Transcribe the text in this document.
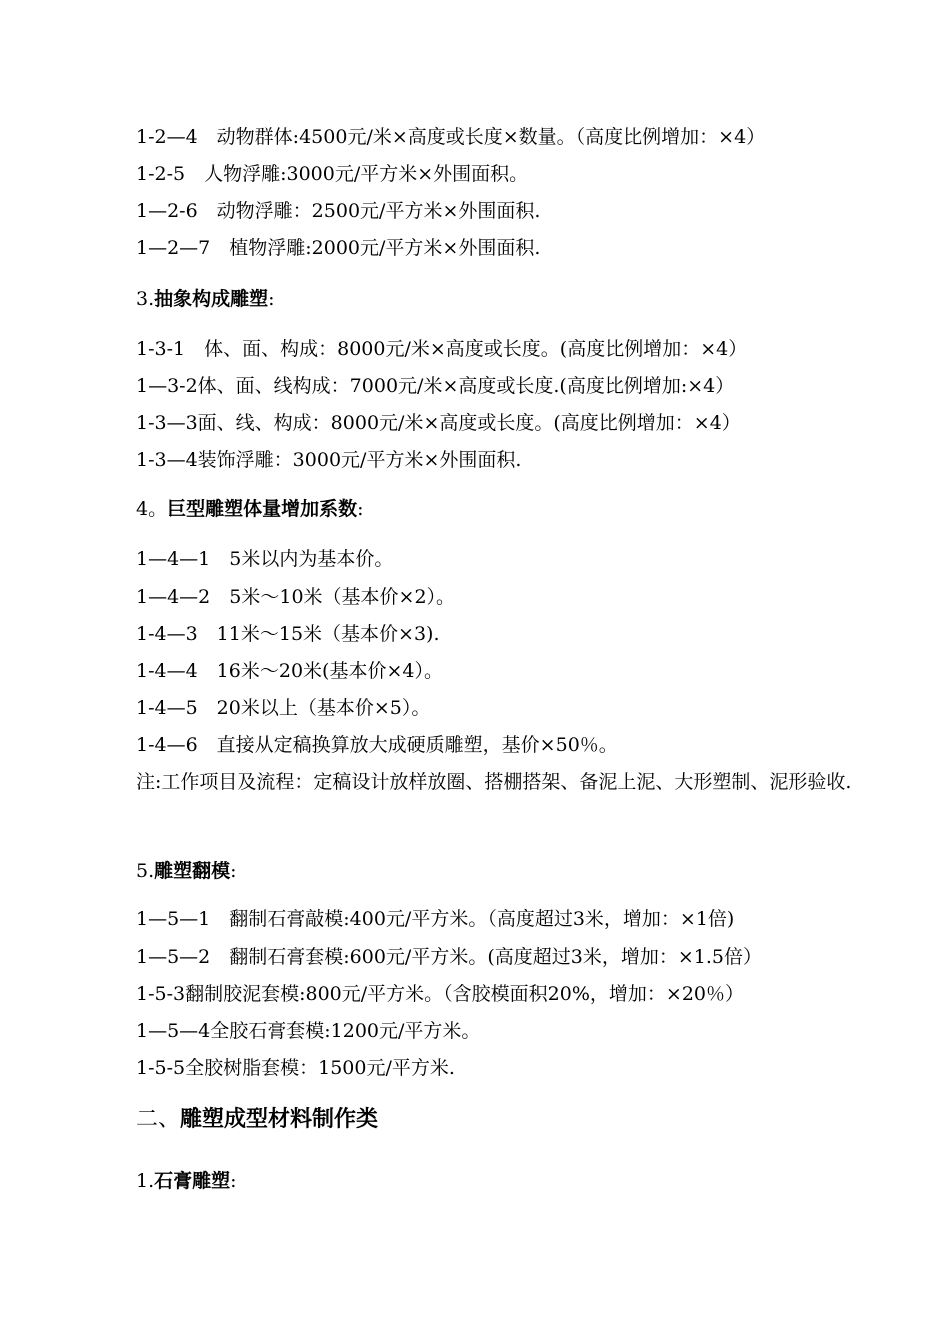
1-2—4　动物群体:4500元/米×高度或长度×数量。（高度比例增加：×4）

1-2-5　人物浮雕:3000元/平方米×外围面积。

1—2-6　动物浮雕：2500元/平方米×外围面积.

1—2—7　植物浮雕:2000元/平方米×外围面积.

3.抽象构成雕塑:

1-3-1　体、面、构成：8000元/米×高度或长度。(高度比例增加：×4）

1—3-2体、面、线构成：7000元/米×高度或长度.(高度比例增加:×4）

1-3—3面、线、构成：8000元/米×高度或长度。(高度比例增加：×4）

1-3—4装饰浮雕：3000元/平方米×外围面积.

4。巨型雕塑体量增加系数:

1—4—1　5米以内为基本价。

1—4—2　5米～10米（基本价×2）。

1-4—3　11米～15米（基本价×3).

1-4—4　16米～20米(基本价×4）。

1-4—5　20米以上（基本价×5）。

1-4—6　直接从定稿换算放大成硬质雕塑，基价×50％。

注:工作项目及流程：定稿设计放样放圈、搭棚搭架、备泥上泥、大形塑制、泥形验收.

5.雕塑翻模:

1—5—1　翻制石膏敲模:400元/平方米。（高度超过3米，增加：×1倍)

1—5—2　翻制石膏套模:600元/平方米。(高度超过3米，增加：×1.5倍）

1-5-3翻制胶泥套模:800元/平方米。（含胶模面积20%，增加：×20％）

1—5—4全胶石膏套模:1200元/平方米。

1-5-5全胶树脂套模：1500元/平方米.

二、雕塑成型材料制作类

1.石膏雕塑:
